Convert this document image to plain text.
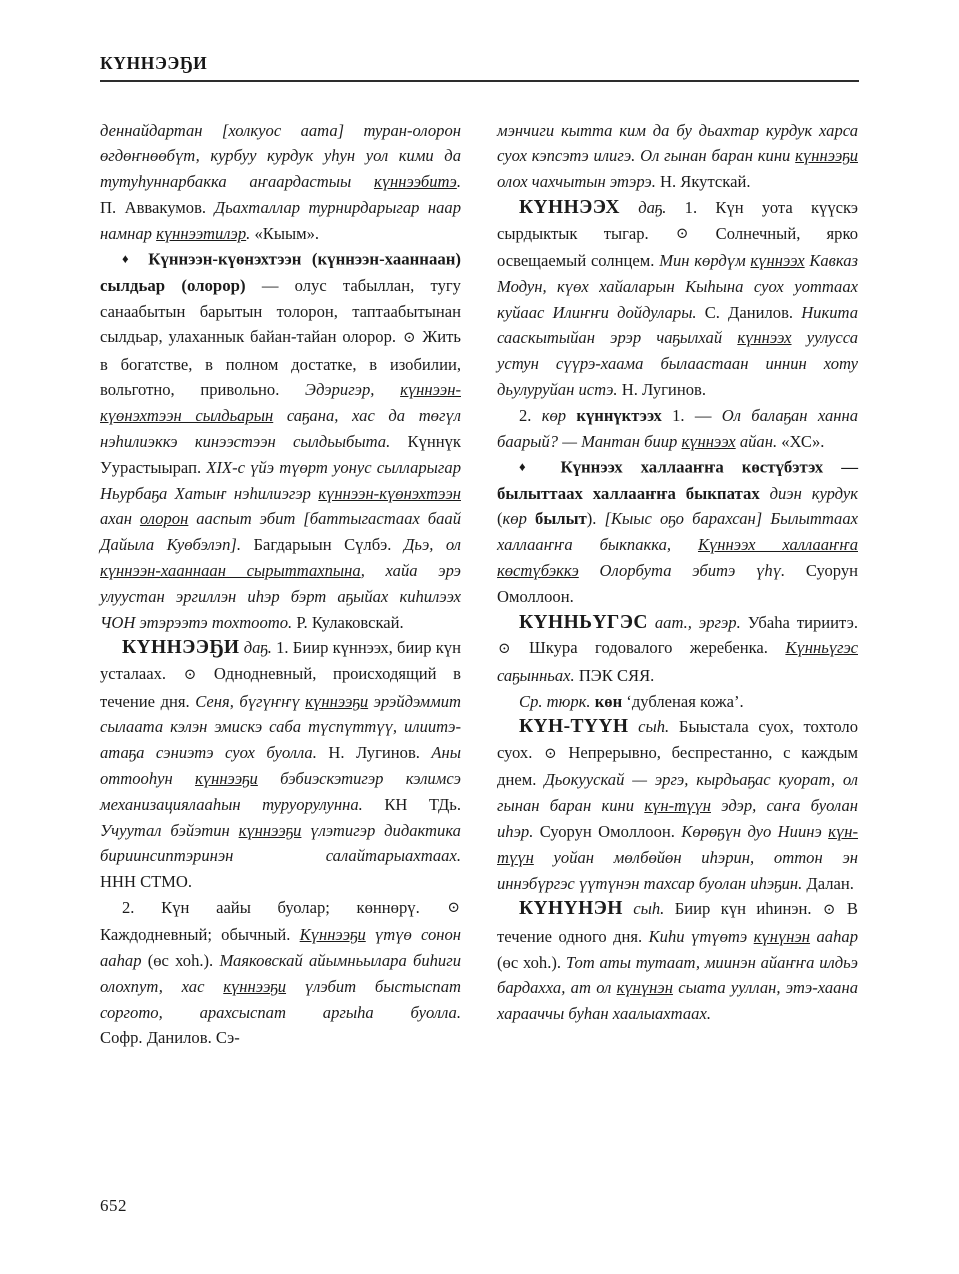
КҮННЭЭҔИ

деннайдартан [холкуос аата] туран-олорон өгдөҥнөөбүт, курбуу курдук уһун уол кими да тутуһуннарбакка аҥаардастыы күннээбитэ. П. Аввакумов. Дьахталлар турнирдарыгар наар намнар күннээтилэр. «Кыым».

♦ Күннээн-күөнэхтээн (күннээн-хааннаан) сылдьар (олорор) — олус табыллан, тугу санаабытын барытын толорон, таптаабытынан сылдьар, улаханнык байан-тайан олорор. ⊙ Жить в богатстве, в полном достатке, в изобилии, вольготно, привольно. Эдэригэр, күннээн-күөнэхтээн сылдьарын саҕана, хас да төгүл нэһилиэккэ кинээстээн сылдьыбыта. Күннүк Уурастыырап. XIX-с үйэ түөрт уонус сылларыгар Ньурбаҕа Хатыҥ нэһилиэгэр күннээн-күөнэхтээн ахан олорон ааспыт эбит [баттыгастаах баай Дайыла Куөбэлэп]. Багдарыын Сүлбэ. Дьэ, ол күннээн-хааннаан сырыттахпына, хайа эрэ улуустан эргиллэн иһэр бэрт аҕыйах киһилээх ЧОН этэрээтэ тохтоото. Р. Кулаковскай.

КҮННЭЭҔИ даҕ. 1. Биир күннээх, биир күн усталаах. ⊙ Однодневный, происходящий в течение дня. Сеня, бүгүҥҥү күннээҕи эрэйдэммит сылаата кэлэн эмискэ саба түспүттүү, илиитэ-атаҕа сэниэтэ суох буолла. Н. Лугинов. Аны оттооһун күннээҕи бэбиэскэтигэр кэлимсэ механизациялааһын туруорулунна. КН ТДь. Учуутал бэйэтин күннээҕи үлэтигэр дидактика бириинсиптэринэн салайтарыахтаах. ННН СТМО.

2. Күн аайы буолар; көннөрү. ⊙ Каждодневный; обычный. Күннээҕи үтүө сонон ааһар (өс хоһ.). Маяковскай айымньылара биһиги олохпут, хас күннээҕи үлэбит быстыспат соргото, арахсыспат аргыһа буолла. Софр. Данилов. Сэ-

мэнчиги кытта ким да бу дьахтар курдук харса суох кэпсэтэ илигэ. Ол гынан баран кини күннээҕи олох чахчытын этэрэ. Н. Якутскай.

КҮННЭЭХ даҕ. 1. Күн уота күүскэ сырдыктык тыгар. ⊙ Солнечный, ярко освещаемый солнцем. Мин көрдүм күннээх Кавказ Модун, күөх хайаларын Кыһына суох уоттаах куйаас Илиҥҥи дойдулары. С. Данилов. Никита сааскытыйан эрэр чаҕылхай күннээх уулусса устун сүүрэ-хаама былаастаан иннин хоту дьулуруйан истэ. Н. Лугинов.

2. көр күннүктээх 1. — Ол балаҕан ханна баарый? — Мантан биир күннээх айан. «ХС».

♦ Күннээх халлааҥҥа көстүбэтэх — былыттаах халлааҥҥа быкпатах диэн курдук (көр былыт). [Кыыс оҕо барахсан] Былыттаах халлааҥҥа быкпакка, Күннээх халлааҥҥа көстүбэккэ Олорбута эбитэ үһү. Суорун Омоллоон.

КҮННЬҮГЭС аат., эргэр. Убаһа тириитэ. ⊙ Шкура годовалого жеребенка. Күнньүгэс саҕынньах. ПЭК СЯЯ.

Ср. тюрк. көн ‘дубленая кожа’.

КҮН-ТҮҮН сыһ. Быыстала суох, тохтоло суох. ⊙ Непрерывно, беспрестанно, с каждым днем. Дьокуускай — эргэ, кырдьаҕас куорат, ол гынан баран кини күн-түүн эдэр, саҥа буолан иһэр. Суорун Омоллоон. Көрөҕүн дуо Ниинэ күн-түүн уойан мөлбөйөн иһэрин, оттон эн иннэбүргэс үүтүнэн тахсар буолан иһэҕин. Далан.

КҮНҮНЭН сыһ. Биир күн иһинэн. ⊙ В течение одного дня. Киһи үтүөтэ күнүнэн ааһар (өс хоһ.). Тот аты тутаат, миинэн айаҥҥа илдьэ бардахха, ат ол күнүнэн сыата ууллан, этэ-хаана харааччы буһан хаалыахтаах.

652
